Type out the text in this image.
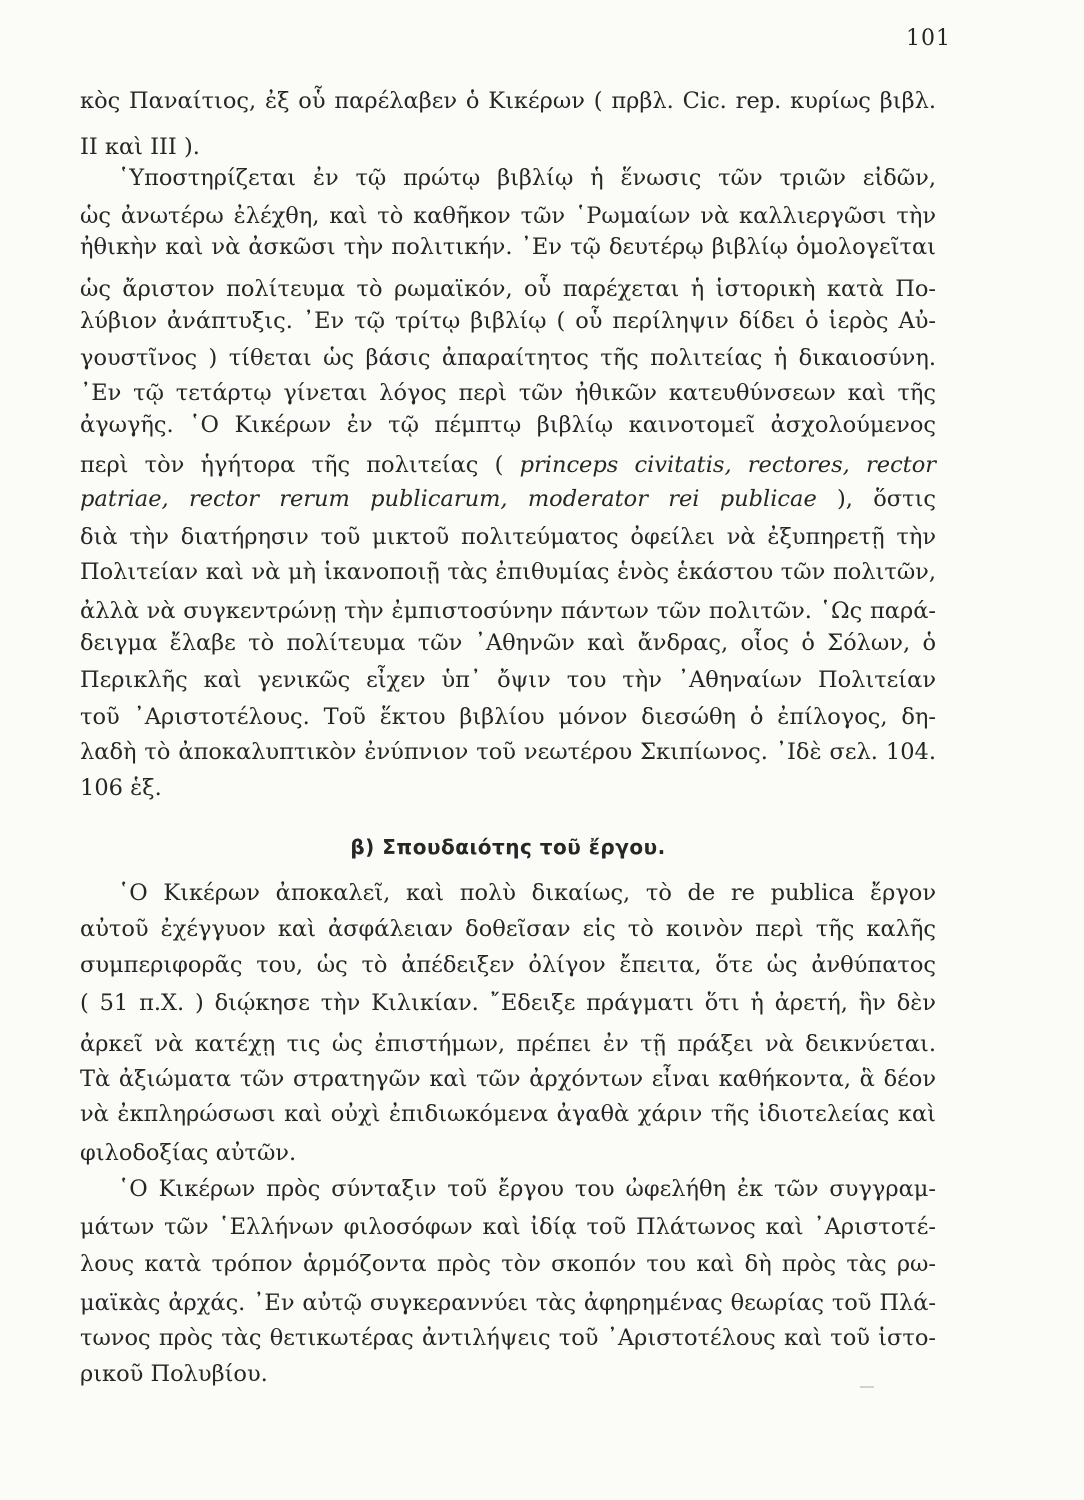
101
κὸς Παναίτιος, ἐξ οὗ παρέλαβεν ὁ Κικέρων ( πρβλ. Cic. rep. κυρίως βιβλ.
II καὶ III ).
῾Υποστηρίζεται ἐν τῷ πρώτῳ βιβλίῳ ἡ ἕνωσις τῶν τριῶν εἰδῶν,
ὡς ἀνωτέρω ἐλέχθη, καὶ τὸ καθῆκον τῶν ῾Ρωμαίων νὰ καλλιεργῶσι τὴν
ἠθικὴν καὶ νὰ ἀσκῶσι τὴν πολιτικήν. ᾿Εν τῷ δευτέρῳ βιβλίῳ ὁμολογεῖται
ὡς ἄριστον πολίτευμα τὸ ρωμαϊκόν, οὗ παρέχεται ἡ ἱστορικὴ κατὰ Πο-
λύβιον ἀνάπτυξις. ᾿Εν τῷ τρίτῳ βιβλίῳ ( οὗ περίληψιν δίδει ὁ ἱερὸς Αὐ-
γουστῖνος ) τίθεται ὡς βάσις ἀπαραίτητος τῆς πολιτείας ἡ δικαιοσύνη.
᾿Εν τῷ τετάρτῳ γίνεται λόγος περὶ τῶν ἠθικῶν κατευθύνσεων καὶ τῆς
ἀγωγῆς. ῾Ο Κικέρων ἐν τῷ πέμπτῳ βιβλίῳ καινοτομεῖ ἀσχολούμενος
περὶ τὸν ἡγήτορα τῆς πολιτείας ( princeps civitatis, rectores, rector
patriae, rector rerum publicarum, moderator rei publicae ), ὅστις
διὰ τὴν διατήρησιν τοῦ μικτοῦ πολιτεύματος ὀφείλει νὰ ἐξυπηρετῇ τὴν
Πολιτείαν καὶ νὰ μὴ ἱκανοποιῇ τὰς ἐπιθυμίας ἑνὸς ἑκάστου τῶν πολιτῶν,
ἀλλὰ νὰ συγκεντρώνῃ τὴν ἐμπιστοσύνην πάντων τῶν πολιτῶν. ῾Ως παρά-
δειγμα ἔλαβε τὸ πολίτευμα τῶν ᾿Αθηνῶν καὶ ἄνδρας, οἷος ὁ Σόλων, ὁ
Περικλῆς καὶ γενικῶς εἶχεν ὑπ᾿ ὄψιν του τὴν ᾿Αθηναίων Πολιτείαν
τοῦ ᾿Αριστοτέλους. Τοῦ ἕκτου βιβλίου μόνον διεσώθη ὁ ἐπίλογος, δη-
λαδὴ τὸ ἀποκαλυπτικὸν ἐνύπνιον τοῦ νεωτέρου Σκιπίωνος. ᾿Ιδὲ σελ. 104.
106 ἑξ.
β) Σπουδαιότης τοῦ ἔργου.
῾Ο Κικέρων ἀποκαλεῖ, καὶ πολὺ δικαίως, τὸ de re publica ἔργον
αὐτοῦ ἐχέγγυον καὶ ἀσφάλειαν δοθεῖσαν εἰς τὸ κοινὸν περὶ τῆς καλῆς
συμπεριφορᾶς του, ὡς τὸ ἀπέδειξεν ὀλίγον ἔπειτα, ὅτε ὡς ἀνθύπατος
( 51 π.Χ. ) διῴκησε τὴν Κιλικίαν. ῎Εδειξε πράγματι ὅτι ἡ ἀρετή, ἣν δὲν
ἀρκεῖ νὰ κατέχῃ τις ὡς ἐπιστήμων, πρέπει ἐν τῇ πράξει νὰ δεικνύεται.
Τὰ ἀξιώματα τῶν στρατηγῶν καὶ τῶν ἀρχόντων εἶναι καθήκοντα, ἃ δέον
νὰ ἐκπληρώσωσι καὶ οὐχὶ ἐπιδιωκόμενα ἀγαθὰ χάριν τῆς ἰδιοτελείας καὶ
φιλοδοξίας αὐτῶν.
῾Ο Κικέρων πρὸς σύνταξιν τοῦ ἔργου του ὠφελήθη ἐκ τῶν συγγραμ-
μάτων τῶν ῾Ελλήνων φιλοσόφων καὶ ἰδίᾳ τοῦ Πλάτωνος καὶ ᾿Αριστοτέ-
λους κατὰ τρόπον ἁρμόζοντα πρὸς τὸν σκοπόν του καὶ δὴ πρὸς τὰς ρω-
μαϊκὰς ἀρχάς. ᾿Εν αὐτῷ συγκεραννύει τὰς ἀφηρημένας θεωρίας τοῦ Πλά-
τωνος πρὸς τὰς θετικωτέρας ἀντιλήψεις τοῦ ᾿Αριστοτέλους καὶ τοῦ ἱστο-
ρικοῦ Πολυβίου.
